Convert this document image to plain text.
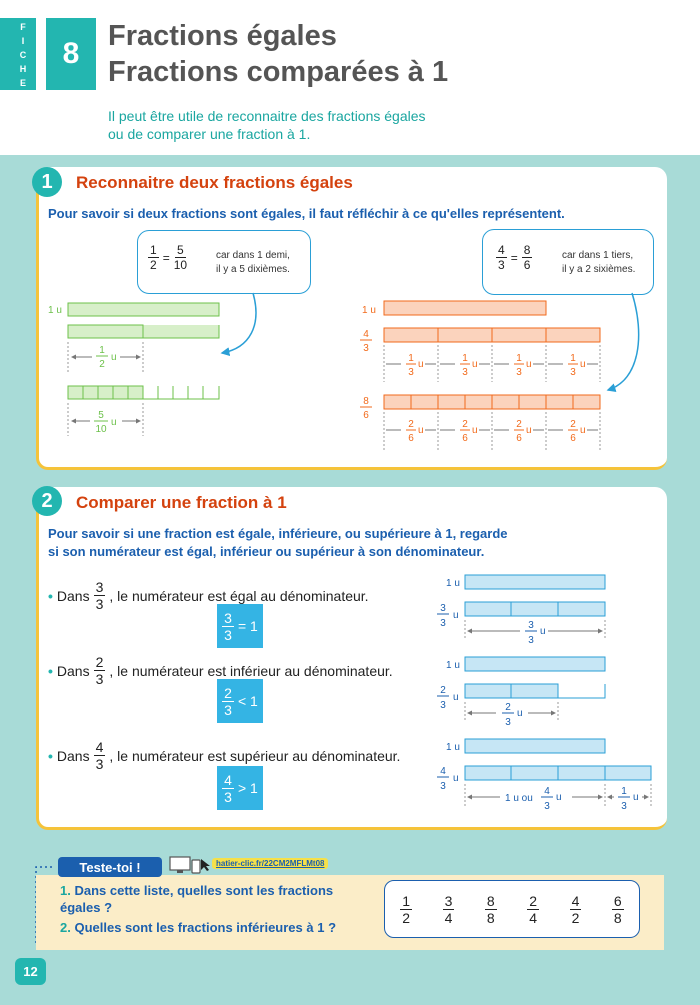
F
I
C
H
E
8
Fractions égales
Fractions comparées à 1
Il peut être utile de reconnaitre des fractions égales
ou de comparer une fraction à 1.
1	Reconnaitre deux fractions égales
Pour savoir si deux fractions sont égales, il faut réfléchir à ce qu'elles représentent.
$\frac{1}{2} = \frac{5}{10}$	car dans 1 demi,
il y a 5 dixièmes.	$\frac{4}{3} = \frac{8}{6}$	car dans 1 tiers,
il y a 2 sixièmes.
1 u
1
2
u
5
10
u
1 u
4
3
1
3
u
1
3
u
1
3
u
1
3
u
8
6
2
6
u
2
6
u
2
6
u
2
6
u
2	Comparer une fraction à 1
Pour savoir si une fraction est égale, inférieure, ou supérieure à 1, regarde
si son numérateur est égal, inférieur ou supérieur à son dénominateur.
• Dans $\frac{3}{3}$ , le numérateur est égal au dénominateur.
$\frac{3}{3} = 1$
• Dans $\frac{2}{3}$ , le numérateur est inférieur au dénominateur.
$\frac{2}{3} < 1$
• Dans $\frac{4}{3}$ , le numérateur est supérieur au dénominateur.
$\frac{4}{3} > 1$
1 u
3
3
u
3
3
u
1 u
2
3
u
2
3
u
1 u
4
3
u
1 u ou
4
3
u
1
3
u
Teste-toi !	hatier-clic.fr/22CM2MFLMt08
1. Dans cette liste, quelles sont les fractions
égales ?
2. Quelles sont les fractions inférieures à 1 ?
$\frac{1}{2} \frac{3}{4} \frac{8}{8} \frac{2}{4} \frac{4}{2} \frac{6}{8}$
12
